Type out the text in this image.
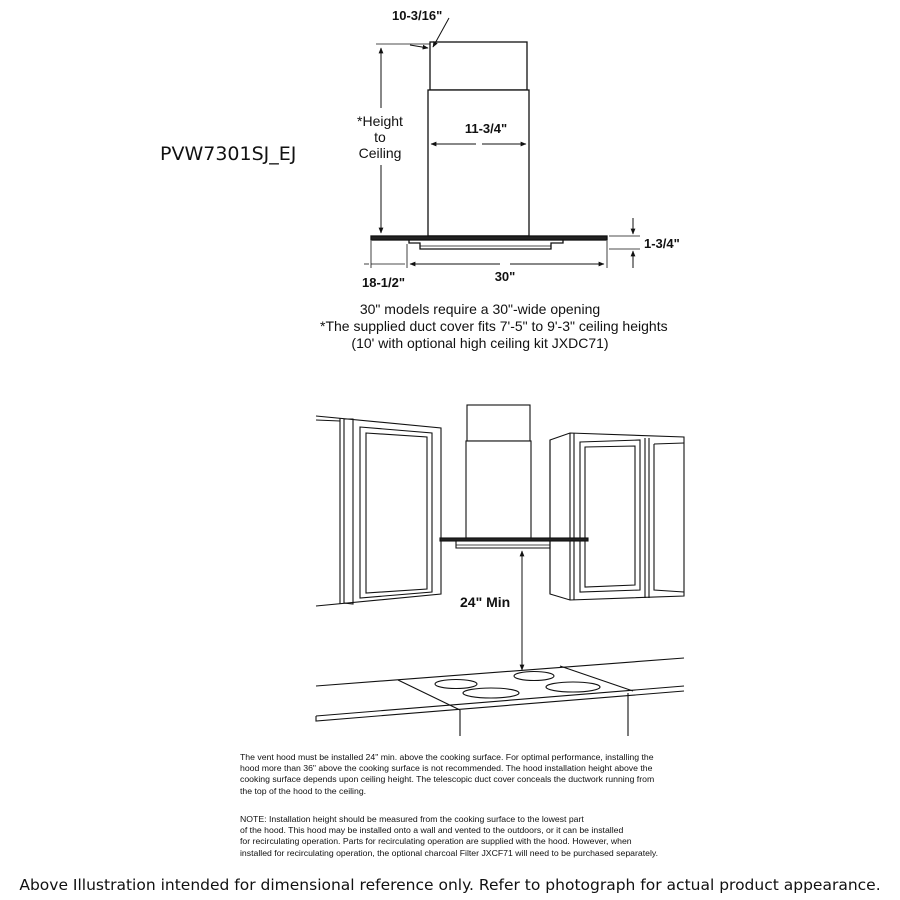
PVW7301SJ_EJ
10-3/16"
*Height
to
Ceiling
11-3/4"
1-3/4"
18-1/2"	30"
24" Min
30" models require a 30"-wide opening
*The supplied duct cover fits 7'-5" to 9'-3" ceiling heights
(10' with optional high ceiling kit JXDC71)
The vent hood must be installed 24" min. above the cooking surface. For optimal performance, installing the
hood more than 36" above the cooking surface is not recommended. The hood installation height above the
cooking surface depends upon ceiling height. The telescopic duct cover conceals the ductwork running from
the top of the hood to the ceiling.
NOTE: Installation height should be measured from the cooking surface to the lowest part
of the hood. This hood may be installed onto a wall and vented to the outdoors, or it can be installed
for recirculating operation. Parts for recirculating operation are supplied with the hood. However, when
installed for recirculating operation, the optional charcoal Filter JXCF71 will need to be purchased separately.
Above Illustration intended for dimensional reference only. Refer to photograph for actual product appearance.
